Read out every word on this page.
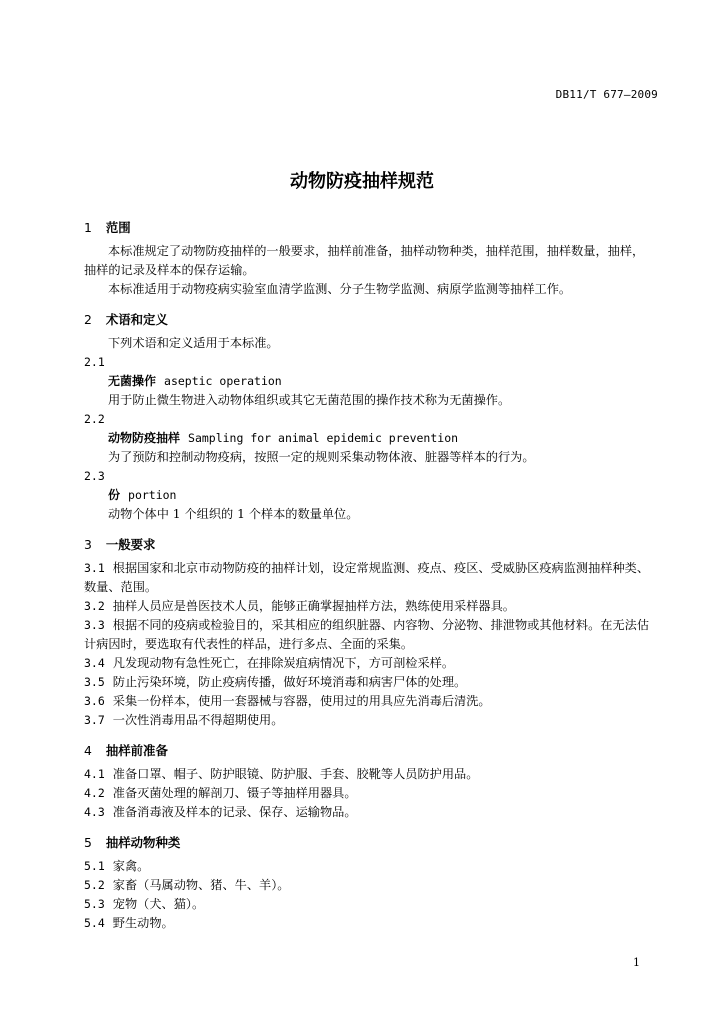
DB11/T 677—2009
动物防疫抽样规范

1 范围

本标准规定了动物防疫抽样的一般要求，抽样前准备，抽样动物种类，抽样范围，抽样数量，抽样，抽样的记录及样本的保存运输。

本标准适用于动物疫病实验室血清学监测、分子生物学监测、病原学监测等抽样工作。

2 术语和定义

下列术语和定义适用于本标准。

2.1

无菌操作 aseptic operation

用于防止微生物进入动物体组织或其它无菌范围的操作技术称为无菌操作。

2.2

动物防疫抽样 Sampling for animal epidemic prevention

为了预防和控制动物疫病，按照一定的规则采集动物体液、脏器等样本的行为。

2.3

份 portion

动物个体中 1 个组织的 1 个样本的数量单位。

3 一般要求

3.1 根据国家和北京市动物防疫的抽样计划，设定常规监测、疫点、疫区、受威胁区疫病监测抽样种类、数量、范围。

3.2 抽样人员应是兽医技术人员，能够正确掌握抽样方法，熟练使用采样器具。

3.3 根据不同的疫病或检验目的，采其相应的组织脏器、内容物、分泌物、排泄物或其他材料。在无法估计病因时，要选取有代表性的样品，进行多点、全面的采集。

3.4 凡发现动物有急性死亡，在排除炭疽病情况下，方可剖检采样。

3.5 防止污染环境，防止疫病传播，做好环境消毒和病害尸体的处理。

3.6 采集一份样本，使用一套器械与容器，使用过的用具应先消毒后清洗。

3.7 一次性消毒用品不得超期使用。

4 抽样前准备

4.1 准备口罩、帽子、防护眼镜、防护服、手套、胶靴等人员防护用品。

4.2 准备灭菌处理的解剖刀、镊子等抽样用器具。

4.3 准备消毒液及样本的记录、保存、运输物品。

5 抽样动物种类

5.1 家禽。

5.2 家畜（马属动物、猪、牛、羊）。

5.3 宠物（犬、猫）。

5.4 野生动物。

1
